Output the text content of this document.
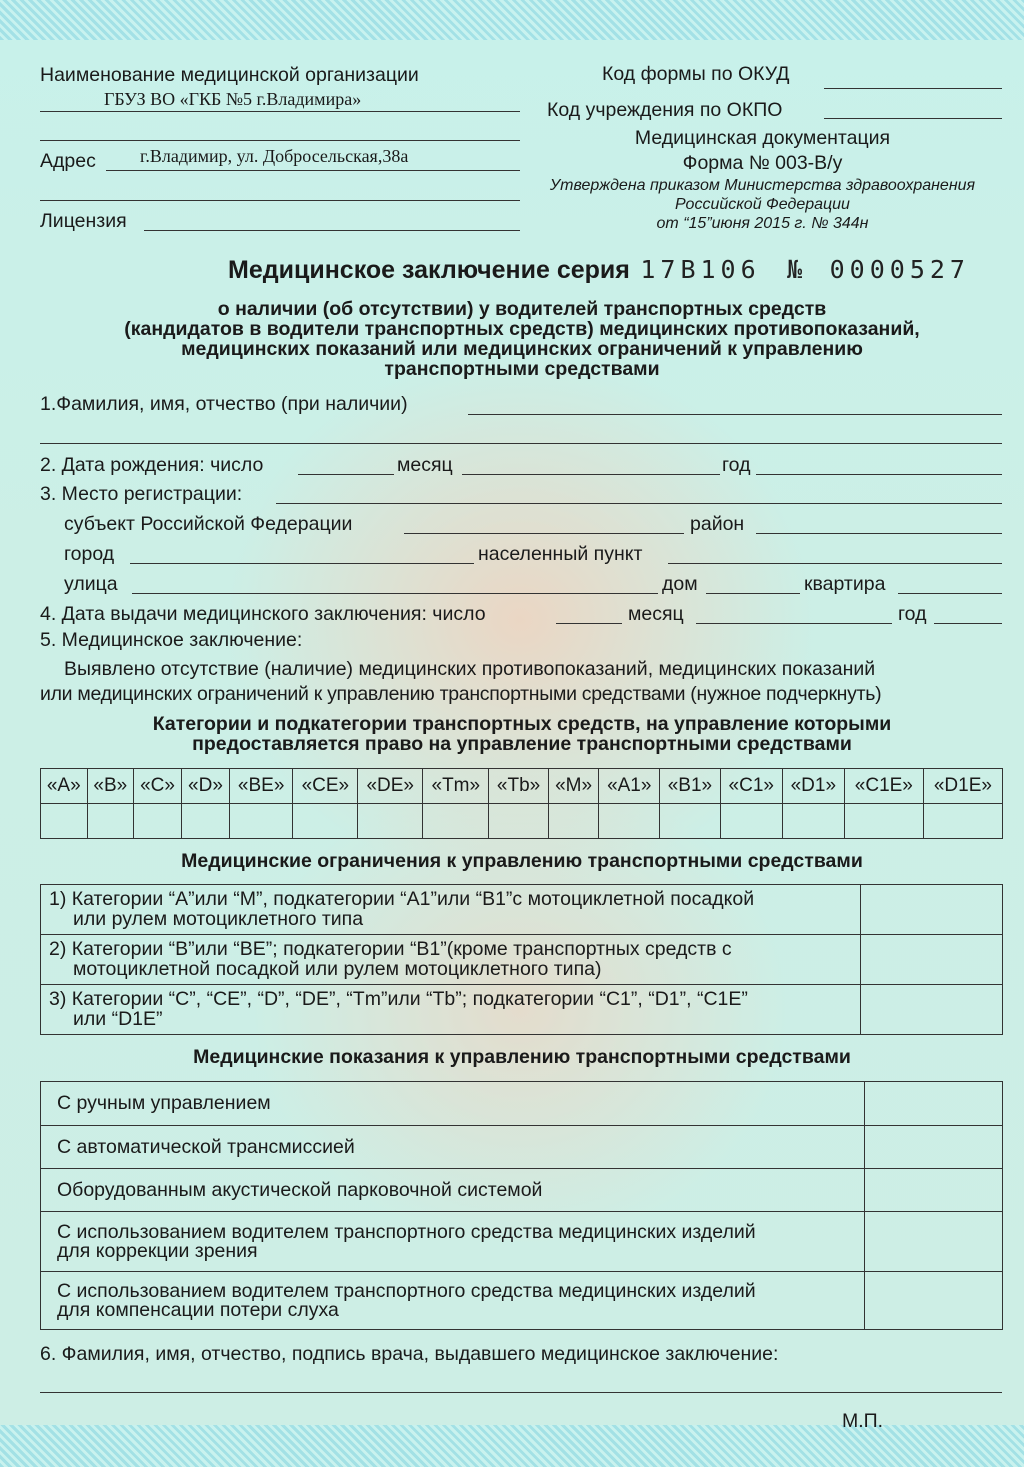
Наименование медицинской организации
ГБУЗ ВО «ГКБ №5 г.Владимира»
Адрес г.Владимир, ул. Добросельская,38а
Лицензия
Код формы по ОКУД
Код учреждения по ОКПО
Медицинская документация
Форма № 003-В/у
Утверждена приказом Министерства здравоохранения
Российской Федерации
от “15”июня 2015 г. № 344н
Медицинское заключение серия 17В106 № 0000527
о наличии (об отсутствии) у водителей транспортных средств
(кандидатов в водители транспортных средств) медицинских противопоказаний,
медицинских показаний или медицинских ограничений к управлению
транспортными средствами
1.Фамилия, имя, отчество (при наличии)
2. Дата рождения: число	месяц	год
3. Место регистрации:
субъект Российской Федерации	район
город	населенный пункт
улица	дом	квартира
4. Дата выдачи медицинского заключения: число	месяц	год
5. Медицинское заключение:
Выявлено отсутствие (наличие) медицинских противопоказаний, медицинских показаний
или медицинских ограничений к управлению транспортными средствами (нужное подчеркнуть)
Категории и подкатегории транспортных средств, на управление которыми
предоставляется право на управление транспортными средствами
«A»	«B»	«C»	«D»	«BE»	«CE»	«DE»	«Tm»	«Tb»	«M»	«A1»	«B1»	«C1»	«D1»	«C1E»	«D1E»

Медицинские ограничения к управлению транспортными средствами
1) Категории “A”или “M”, подкатегории “A1”или “B1”с мотоциклетной посадкой
или рулем мотоциклетного типа

2) Категории “B”или “BE”; подкатегории “B1”(кроме транспортных средств с
мотоциклетной посадкой или рулем мотоциклетного типа)

3) Категории “C”, “CE”, “D”, “DE”, “Tm”или “Tb”; подкатегории “C1”, “D1”, “C1E”
или “D1E”

Медицинские показания к управлению транспортными средствами
С ручным управлением

С автоматической трансмиссией

Оборудованным акустической парковочной системой

С использованием водителем транспортного средства медицинских изделий
для коррекции зрения

С использованием водителем транспортного средства медицинских изделий
для компенсации потери слуха

6. Фамилия, имя, отчество, подпись врача, выдавшего медицинское заключение:
М.П.
